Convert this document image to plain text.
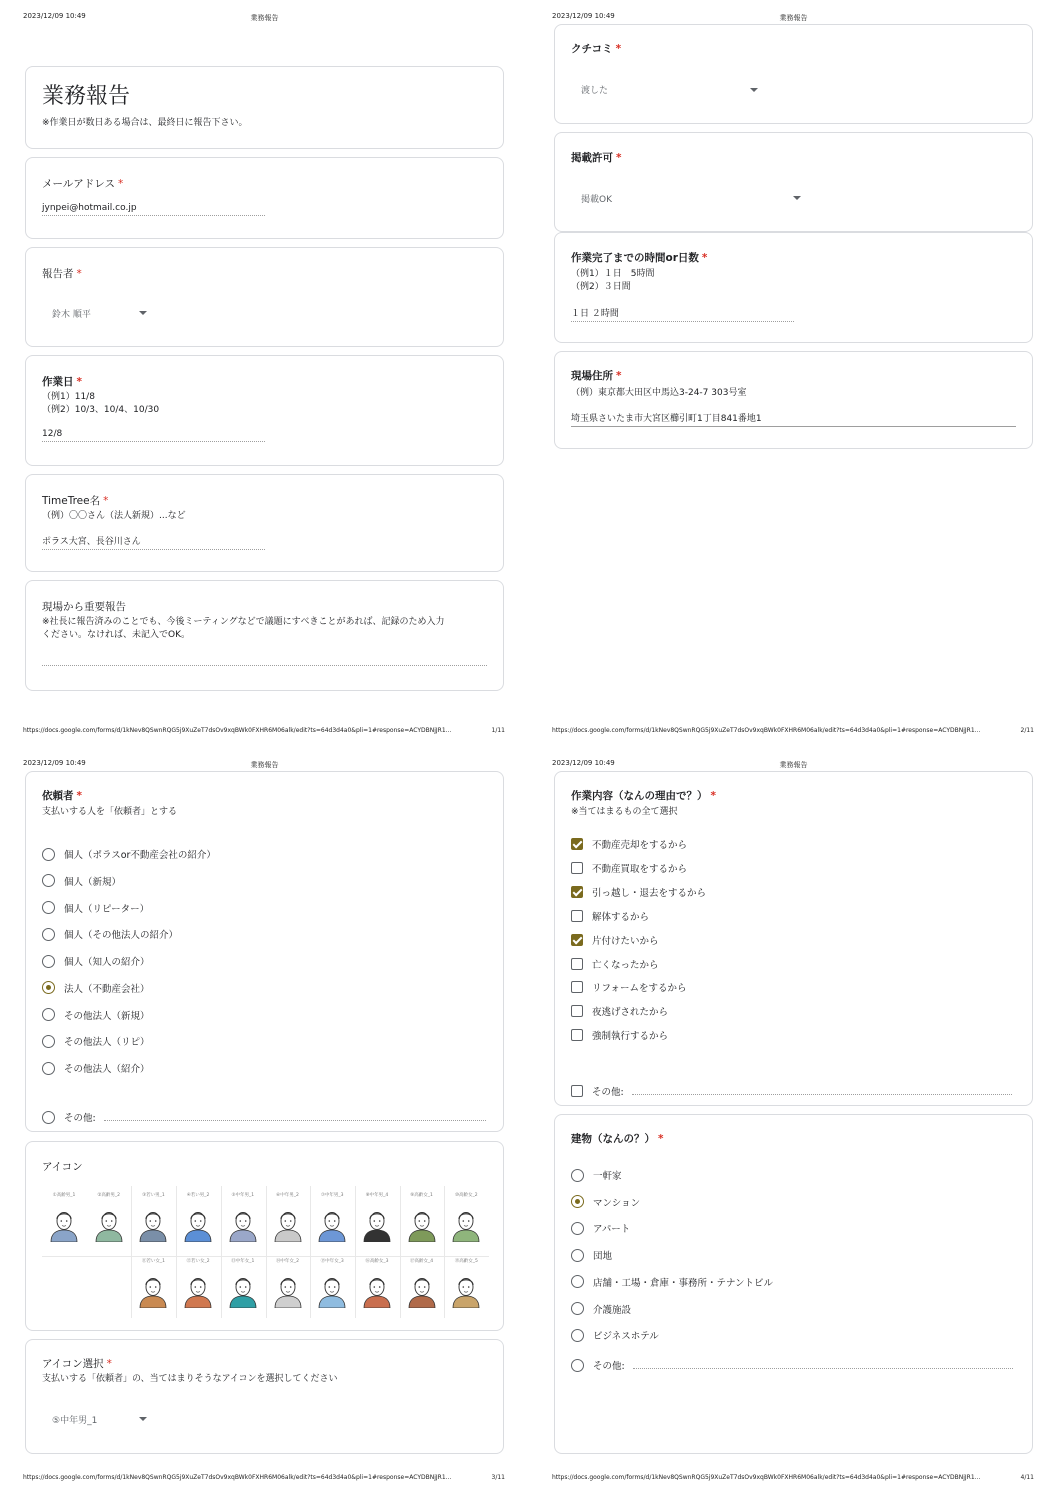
2023/12/09 10:49	業務報告
業務報告
※作業日が数日ある場合は、最終日に報告下さい。
メールアドレス *
jynpei@hotmail.co.jp
報告者 *
鈴木 順平
作業日 *
（例1）11/8
（例2）10/3、10/4、10/30
12/8
TimeTree名 *
（例）〇〇さん（法人新規）...など
ポラス大宮、長谷川さん
現場から重要報告
※社長に報告済みのことでも、今後ミーティングなどで議題にすべきことがあれば、記録のため入力
ください。なければ、未記入でOK。
https://docs.google.com/forms/d/1kNev8QSwnRQG5j9XuZeT7dsOv9xqBWk0FXHR6M06alk/edit?ts=64d3d4a0&pli=1#response=ACYDBNjJR1...	1/11
2023/12/09 10:49	業務報告
クチコミ *
渡した
掲載許可 *
掲載OK
作業完了までの時間or日数 *
（例1）１日　5時間
（例2）３日間
１日 ２時間
現場住所 *
（例）東京都大田区中馬込3-24-7 303号室
埼玉県さいたま市大宮区櫛引町1丁目841番地1
https://docs.google.com/forms/d/1kNev8QSwnRQG5j9XuZeT7dsOv9xqBWk0FXHR6M06alk/edit?ts=64d3d4a0&pli=1#response=ACYDBNjJR1...	2/11
2023/12/09 10:49	業務報告
依頼者 *
支払いする人を「依頼者」とする
個人（ポラスor不動産会社の紹介）
個人（新規）
個人（リピーター）
個人（その他法人の紹介）
個人（知人の紹介）
法人（不動産会社）
その他法人（新規）
その他法人（リピ）
その他法人（紹介）
その他:
アイコン
①高齢男_1	②高齢男_2	③若い男_1	④若い男_2	⑤中年男_1	⑥中年男_2	⑦中年男_3	⑧中年男_4	⑨高齢女_1	⑩高齢女_2
⑪若い女_1	⑫若い女_2	⑬中年女_1	⑭中年女_2	⑮中年女_3	⑯高齢女_3	⑰高齢女_4	⑱高齢女_5
アイコン選択 *
支払いする「依頼者」の、当てはまりそうなアイコンを選択してください
⑤中年男_1
https://docs.google.com/forms/d/1kNev8QSwnRQG5j9XuZeT7dsOv9xqBWk0FXHR6M06alk/edit?ts=64d3d4a0&pli=1#response=ACYDBNjJR1...	3/11
2023/12/09 10:49	業務報告
作業内容（なんの理由で？） *
※当てはまるもの全て選択
不動産売却をするから
不動産買取をするから
引っ越し・退去をするから
解体するから
片付けたいから
亡くなったから
リフォームをするから
夜逃げされたから
強制執行するから
その他:
建物（なんの？） *
一軒家
マンション
アパート
団地
店舗・工場・倉庫・事務所・テナントビル
介護施設
ビジネスホテル
その他:
https://docs.google.com/forms/d/1kNev8QSwnRQG5j9XuZeT7dsOv9xqBWk0FXHR6M06alk/edit?ts=64d3d4a0&pli=1#response=ACYDBNjJR1...	4/11
